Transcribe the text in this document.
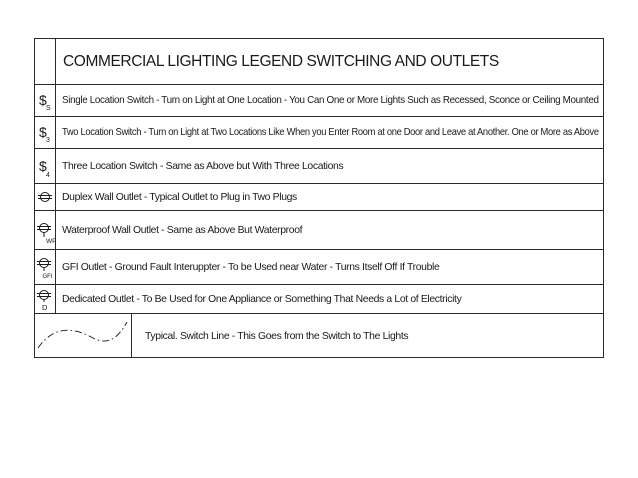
COMMERCIAL LIGHTING LEGEND SWITCHING AND OUTLETS
$
S
Single Location Switch - Turn on Light at One Location - You Can One or More Lights Such as Recessed, Sconce or Ceiling Mounted
$
3
Two Location Switch - Turn on Light at Two Locations Like When you Enter Room at one Door and Leave at Another. One or More as Above
$
4
Three Location Switch - Same as Above but With Three Locations
Duplex Wall Outlet - Typical Outlet to Plug in Two Plugs
WP
Waterproof Wall Outlet - Same as Above But Waterproof
GFI
GFI Outlet - Ground Fault Interuppter - To be Used near Water - Turns Itself Off If Trouble
D
Dedicated Outlet - To Be Used for One Appliance or Something That Needs a Lot of Electricity
Typical. Switch Line - This Goes from the Switch to The Lights
